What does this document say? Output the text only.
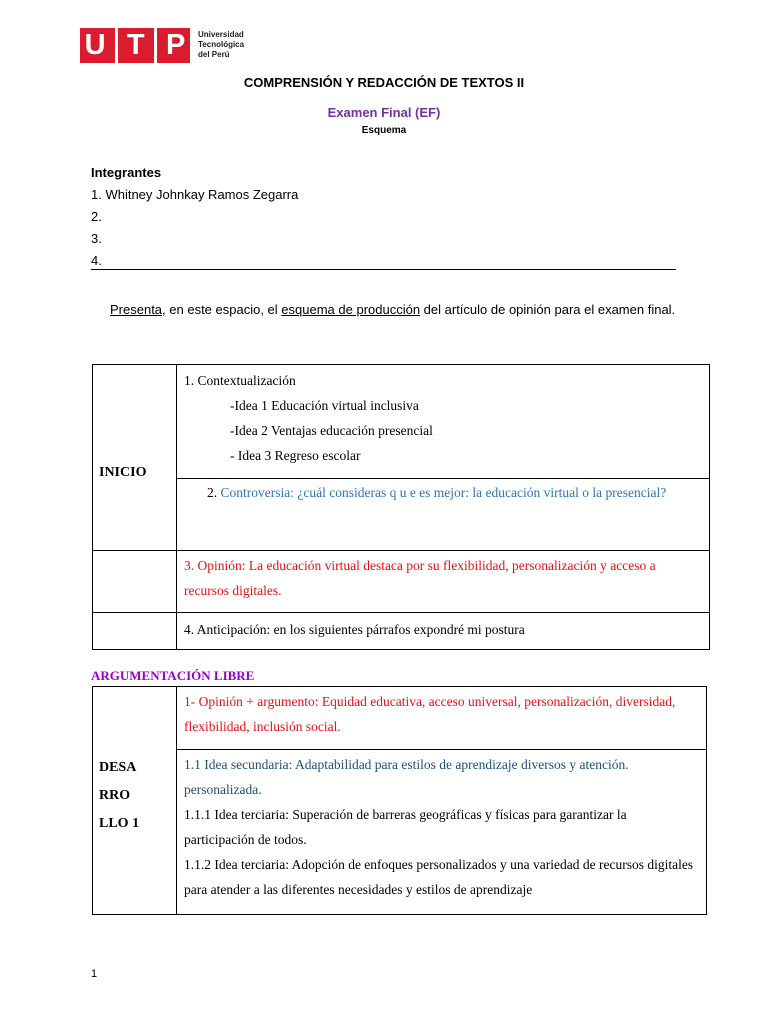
U T P Universidad
Tecnológica
del Perú
COMPRENSIÓN Y REDACCIÓN DE TEXTOS II
Examen Final (EF)
Esquema
Integrantes
1. Whitney Johnkay Ramos Zegarra
2.
3.
4.
Presenta, en este espacio, el esquema de producción del artículo de opinión para el examen final.
INICIO	1. Contextualización
-Idea 1 Educación virtual inclusiva
-Idea 2 Ventajas educación presencial
- Idea 3 Regreso escolar

	2. Controversia: ¿cuál consideras q u e es mejor: la educación virtual o la presencial?

	3. Opinión: La educación virtual destaca por su flexibilidad, personalización y acceso a recursos digitales.

	4. Anticipación: en los siguientes párrafos expondré mi postura
ARGUMENTACIÓN LIBRE
DESA
RRO
LLO 1

1- Opinión + argumento: Equidad educativa, acceso universal, personalización, diversidad, flexibilidad, inclusión social.

1.1 Idea secundaria: Adaptabilidad para estilos de aprendizaje diversos y atención. personalizada.
1.1.1 Idea terciaria: Superación de barreras geográficas y físicas para garantizar la participación de todos.
1.1.2 Idea terciaria: Adopción de enfoques personalizados y una variedad de recursos digitales para atender a las diferentes necesidades y estilos de aprendizaje
1
